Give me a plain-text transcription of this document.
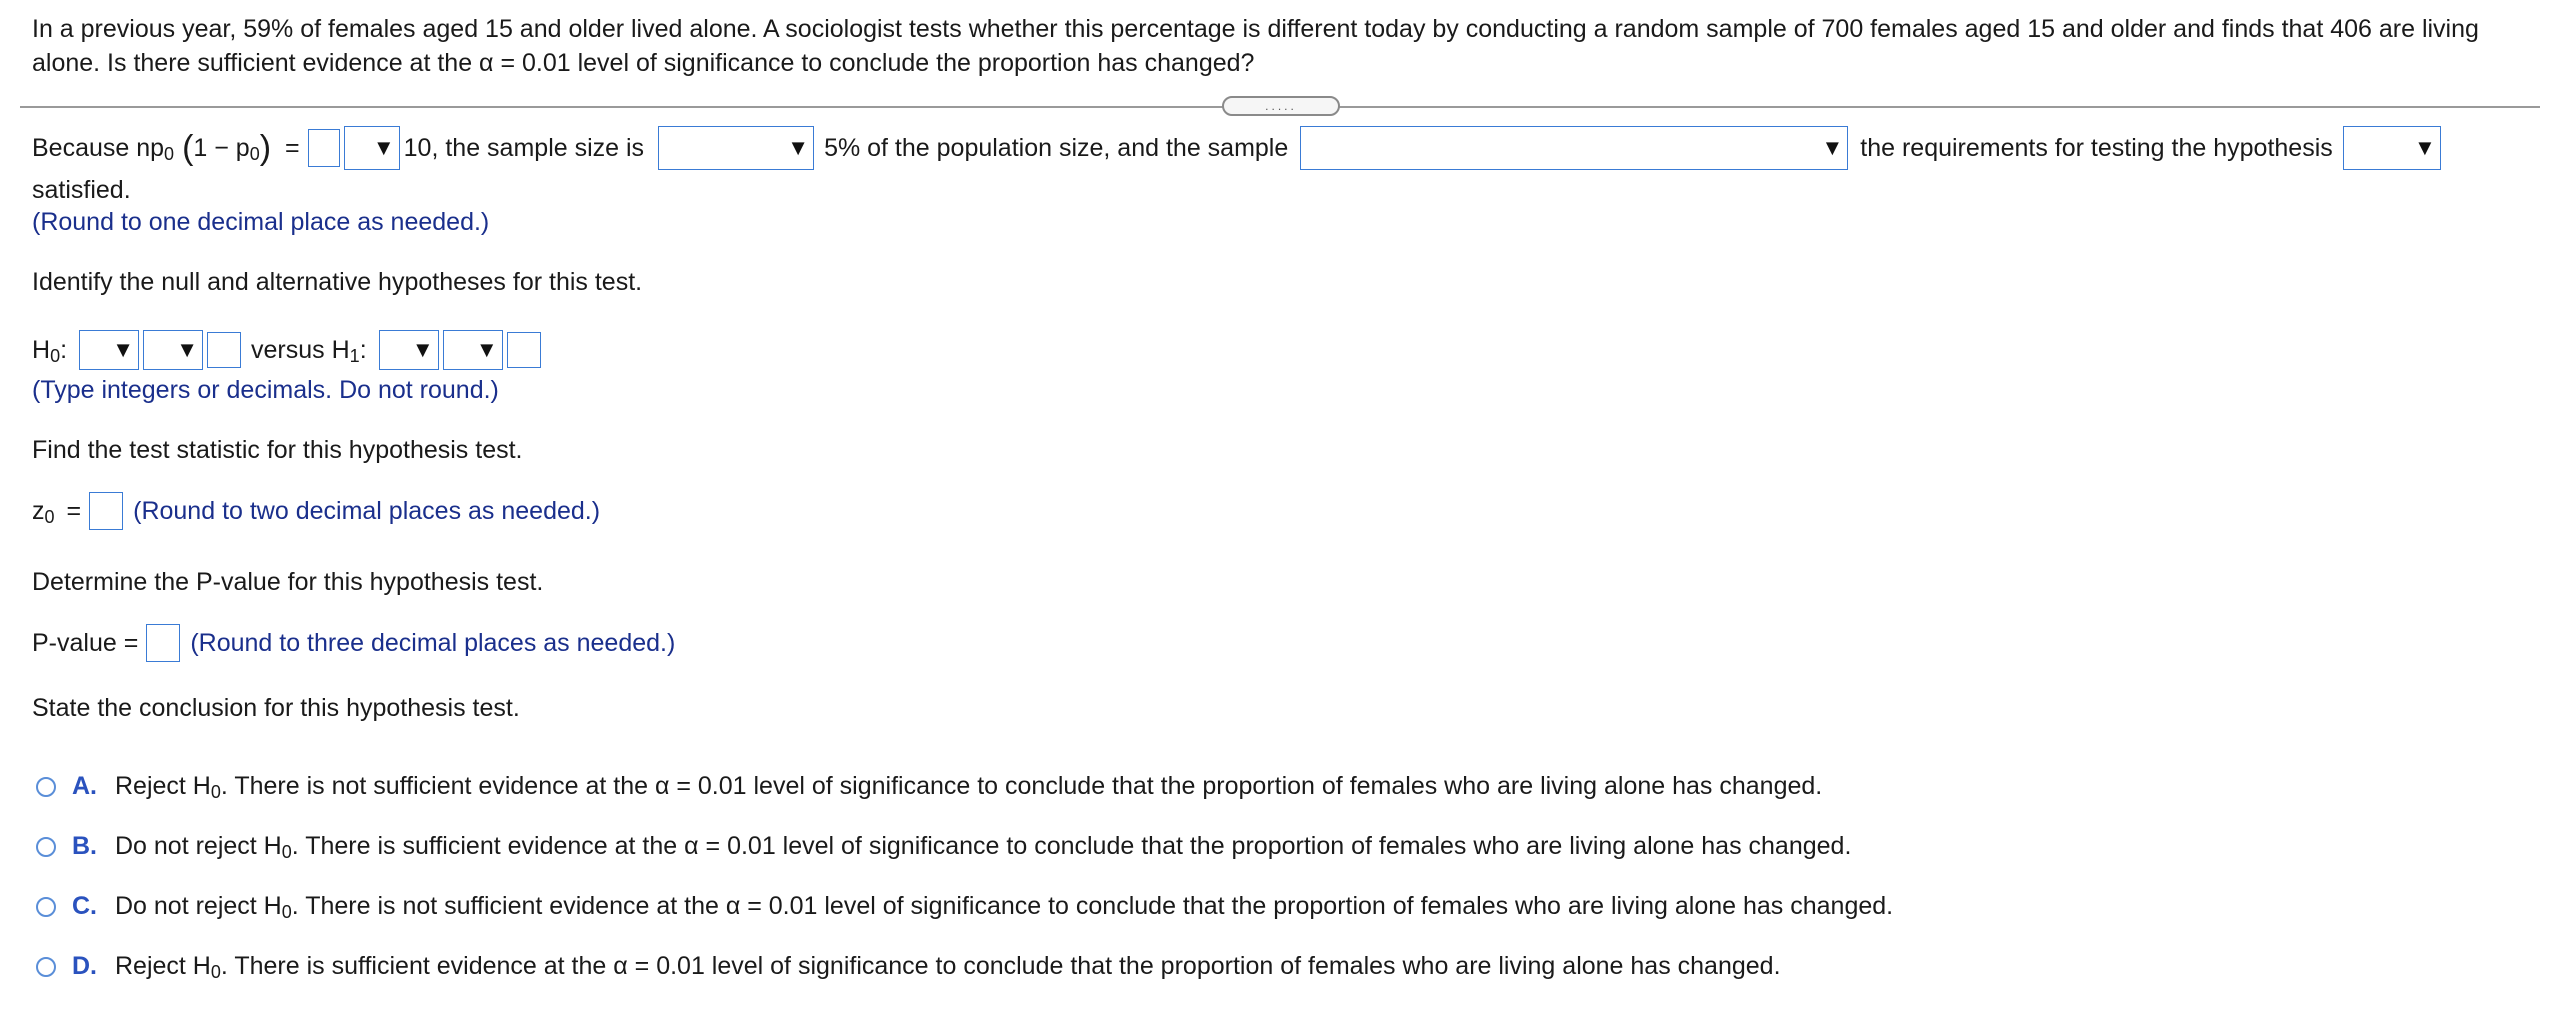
In a previous year, 59% of females aged 15 and older lived alone. A sociologist tests whether this percentage is different today by conducting a random sample of 700 females aged 15 and older and finds that 406 are living alone. Is there sufficient evidence at the α = 0.01 level of significance to conclude the proportion has changed?
.....
Because np 0 ( 1 − p 0 ) =	▼ 10, the sample size is	▼ 5% of the population size, and the sample	▼ the requirements for testing the hypothesis	▼
satisfied.
(Round to one decimal place as needed.)
Identify the null and alternative hypotheses for this test.
H 0 : ▼ ▼ versus H 1 : ▼ ▼
(Type integers or decimals. Do not round.)
Find the test statistic for this hypothesis test.
z 0 = (Round to two decimal places as needed.)
Determine the P-value for this hypothesis test.
P-value = (Round to three decimal places as needed.)
State the conclusion for this hypothesis test.
A. Reject H 0 . There is not sufficient evidence at the α = 0.01 level of significance to conclude that the proportion of females who are living alone has changed.
B. Do not reject H 0 . There is sufficient evidence at the α = 0.01 level of significance to conclude that the proportion of females who are living alone has changed.
C. Do not reject H 0 . There is not sufficient evidence at the α = 0.01 level of significance to conclude that the proportion of females who are living alone has changed.
D. Reject H 0 . There is sufficient evidence at the α = 0.01 level of significance to conclude that the proportion of females who are living alone has changed.
